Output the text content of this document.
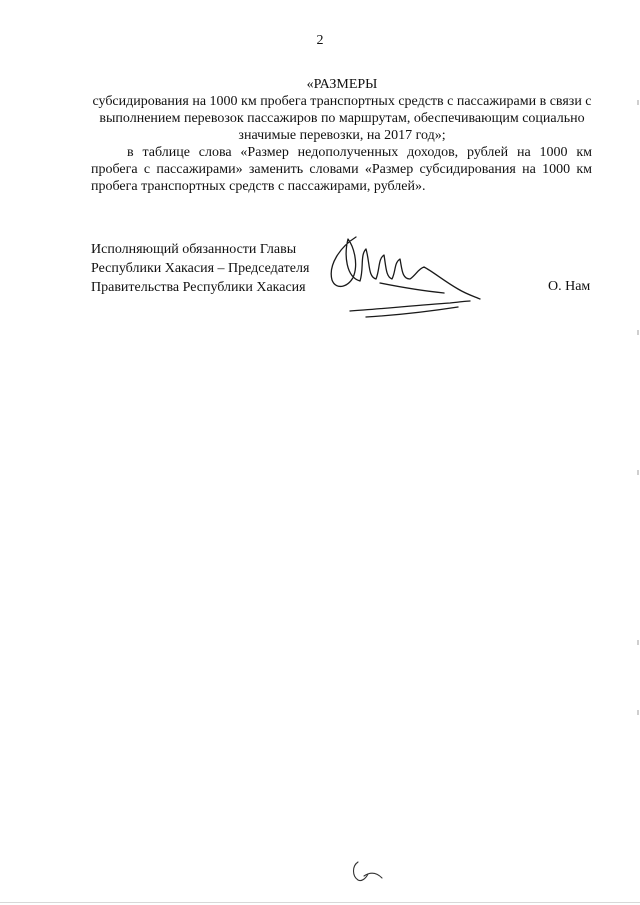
2
«РАЗМЕРЫ
субсидирования на 1000 км пробега транспортных средств с пассажирами в связи с
выполнением перевозок пассажиров по маршрутам, обеспечивающим социально
значимые перевозки, на 2017 год»;
в таблице слова «Размер недополученных доходов, рублей на 1000 км
пробега с пассажирами» заменить словами «Размер субсидирования на 1000 км
пробега транспортных средств с пассажирами, рублей».
Исполняющий обязанности Главы
Республики Хакасия – Председателя
Правительства Республики Хакасия	О. Нам
